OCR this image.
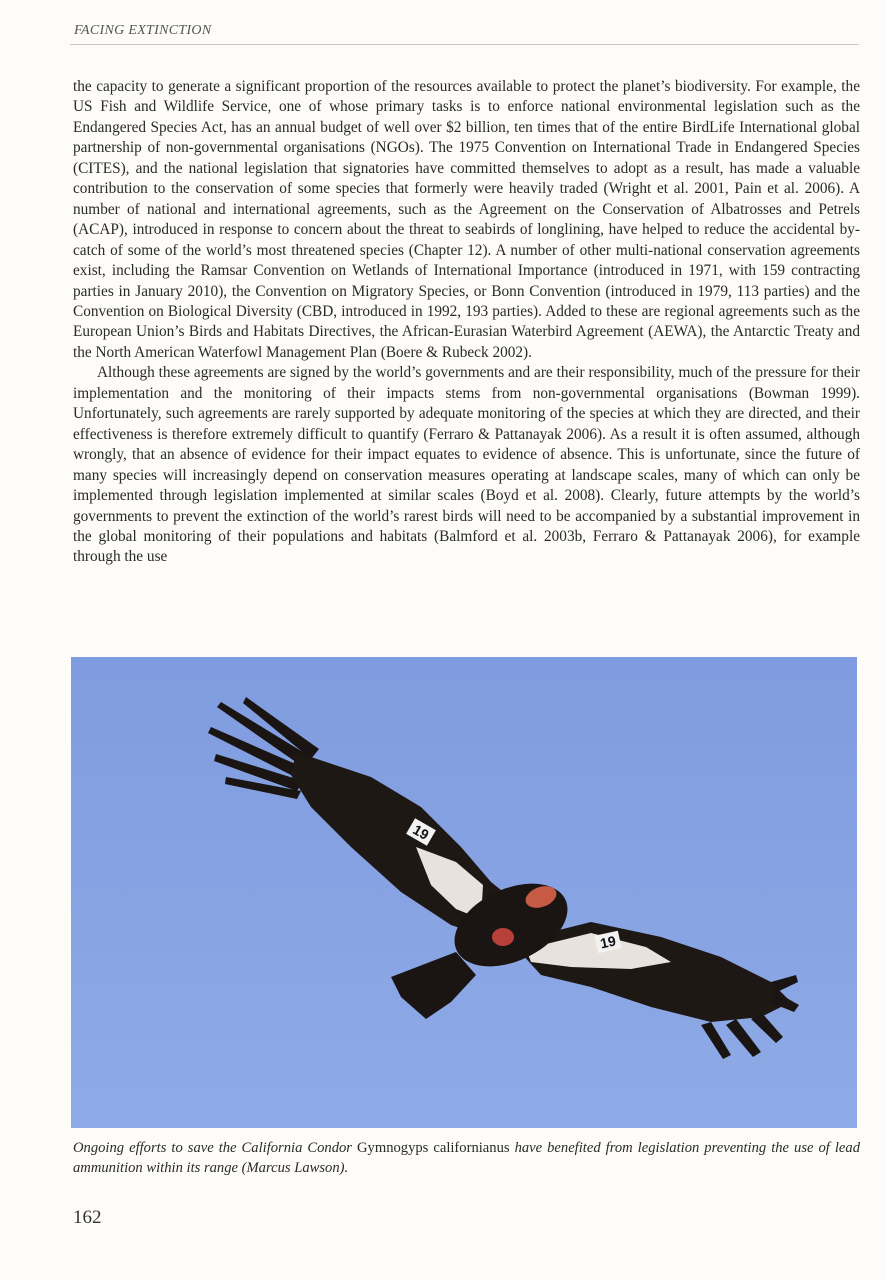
FACING EXTINCTION

the capacity to generate a significant proportion of the resources available to protect the planet’s biodiversity. For example, the US Fish and Wildlife Service, one of whose primary tasks is to enforce national environmental legislation such as the Endangered Species Act, has an annual budget of well over $2 billion, ten times that of the entire BirdLife International global partnership of non-governmental organisations (NGOs). The 1975 Convention on International Trade in Endangered Species (CITES), and the national legislation that signatories have committed themselves to adopt as a result, has made a valuable contribution to the conservation of some species that formerly were heavily traded (Wright et al. 2001, Pain et al. 2006). A number of national and international agreements, such as the Agreement on the Conservation of Albatrosses and Petrels (ACAP), introduced in response to concern about the threat to seabirds of longlining, have helped to reduce the accidental by-catch of some of the world’s most threatened species (Chapter 12). A number of other multi-national conservation agreements exist, including the Ramsar Convention on Wetlands of International Importance (introduced in 1971, with 159 contracting parties in January 2010), the Convention on Migratory Species, or Bonn Convention (introduced in 1979, 113 parties) and the Convention on Biological Diversity (CBD, introduced in 1992, 193 parties). Added to these are regional agreements such as the European Union’s Birds and Habitats Directives, the African-Eurasian Waterbird Agreement (AEWA), the Antarctic Treaty and the North American Waterfowl Management Plan (Boere & Rubeck 2002).

Although these agreements are signed by the world’s governments and are their responsibility, much of the pressure for their implementation and the monitoring of their impacts stems from non-governmental organisations (Bowman 1999). Unfortunately, such agreements are rarely supported by adequate monitoring of the species at which they are directed, and their effectiveness is therefore extremely difficult to quantify (Ferraro & Pattanayak 2006). As a result it is often assumed, although wrongly, that an absence of evidence for their impact equates to evidence of absence. This is unfortunate, since the future of many species will increasingly depend on conservation measures operating at landscape scales, many of which can only be implemented through legislation implemented at similar scales (Boyd et al. 2008). Clearly, future attempts by the world’s governments to prevent the extinction of the world’s rarest birds will need to be accompanied by a substantial improvement in the global monitoring of their populations and habitats (Balmford et al. 2003b, Ferraro & Pattanayak 2006), for example through the use

19
19
Ongoing efforts to save the California Condor Gymnogyps californianus have benefited from legislation preventing the use of lead ammunition within its range (Marcus Lawson).
162
